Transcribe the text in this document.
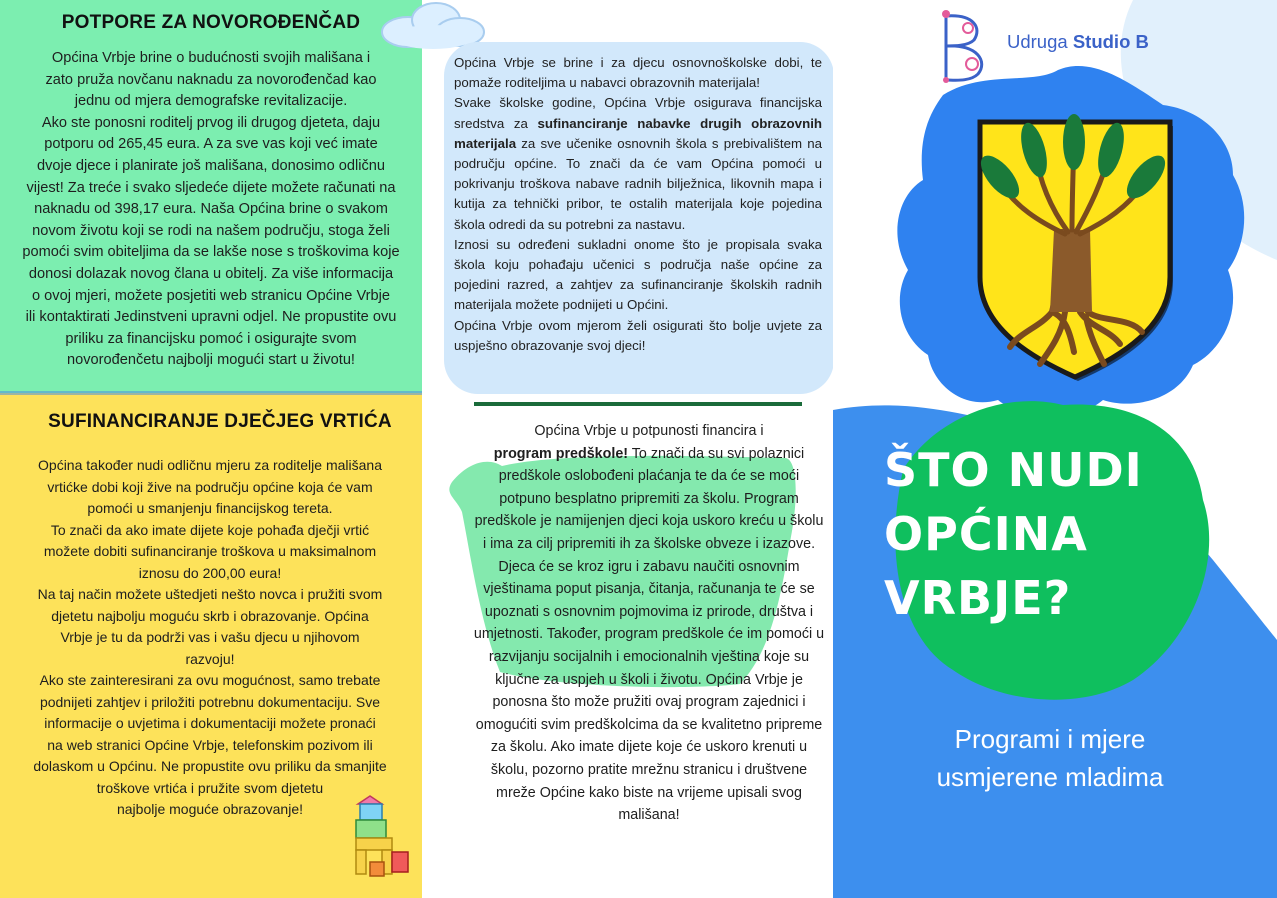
POTPORE ZA NOVOROĐENČAD
Općina Vrbje brine o budućnosti svojih mališana i
zato pruža novčanu naknadu za novorođenčad kao
jednu od mjera demografske revitalizacije.
Ako ste ponosni roditelj prvog ili drugog djeteta, daju
potporu od 265,45 eura. A za sve vas koji već imate
dvoje djece i planirate još mališana, donosimo odličnu
vijest! Za treće i svako sljedeće dijete možete računati na
naknadu od 398,17 eura. Naša Općina brine o svakom
novom životu koji se rodi na našem području, stoga želi
pomoći svim obiteljima da se lakše nose s troškovima koje
donosi dolazak novog člana u obitelj. Za više informacija
o ovoj mjeri, možete posjetiti web stranicu Općine Vrbje
ili kontaktirati Jedinstveni upravni odjel. Ne propustite ovu
priliku za financijsku pomoć i osigurajte svom
novorođenčetu najbolji mogući start u životu!
SUFINANCIRANJE DJEČJEG VRTIĆA
Općina također nudi odličnu mjeru za roditelje mališana
vrtićke dobi koji žive na području općine koja će vam
pomoći u smanjenju financijskog tereta.
To znači da ako imate dijete koje pohađa dječji vrtić
možete dobiti sufinanciranje troškova u maksimalnom
iznosu do 200,00 eura!
Na taj način možete uštedjeti nešto novca i pružiti svom
djetetu najbolju moguću skrb i obrazovanje. Općina
Vrbje je tu da podrži vas i vašu djecu u njihovom
razvoju!
Ako ste zainteresirani za ovu mogućnost, samo trebate
podnijeti zahtjev i priložiti potrebnu dokumentaciju. Sve
informacije o uvjetima i dokumentaciji možete pronaći
na web stranici Općine Vrbje, telefonskim pozivom ili
dolaskom u Općinu. Ne propustite ovu priliku da smanjite
troškove vrtića i pružite svom djetetu
najbolje moguće obrazovanje!
Općina Vrbje se brine i za djecu osnovnoškolske dobi, te pomaže roditeljima u nabavci obrazovnih materijala!
Svake školske godine, Općina Vrbje osigurava financijska sredstva za sufinanciranje nabavke drugih obrazovnih materijala za sve učenike osnovnih škola s prebivalištem na području općine. To znači da će vam Općina pomoći u pokrivanju troškova nabave radnih bilježnica, likovnih mapa i kutija za tehnički pribor, te ostalih materijala koje pojedina škola odredi da su potrebni za nastavu.
Iznosi su određeni sukladni onome što je propisala svaka škola koju pohađaju učenici s područja naše općine za pojedini razred, a zahtjev za sufinanciranje školskih radnih materijala možete podnijeti u Općini.
Općina Vrbje ovom mjerom želi osigurati što bolje uvjete za uspješno obrazovanje svoj djeci!
Općina Vrbje u potpunosti financira i
program predškole! To znači da su svi polaznici predškole oslobođeni plaćanja te da će se moći potpuno besplatno pripremiti za školu. Program predškole je namijenjen djeci koja uskoro kreću u školu i ima za cilj pripremiti ih za školske obveze i izazove. Djeca će se kroz igru i zabavu naučiti osnovnim vještinama poput pisanja, čitanja, računanja te će se upoznati s osnovnim pojmovima iz prirode, društva i umjetnosti. Također, program predškole će im pomoći u razvijanju socijalnih i emocionalnih vještina koje su ključne za uspjeh u školi i životu. Općina Vrbje je ponosna što može pružiti ovaj program zajednici i omogućiti svim predškolcima da se kvalitetno pripreme za školu. Ako imate dijete koje će uskoro krenuti u školu, pozorno pratite mrežnu stranicu i društvene mreže Općine kako biste na vrijeme upisali svog mališana!
Udruga Studio B
ŠTO NUDI
OPĆINA
VRBJE?
Programi i mjere usmjerene mladima
